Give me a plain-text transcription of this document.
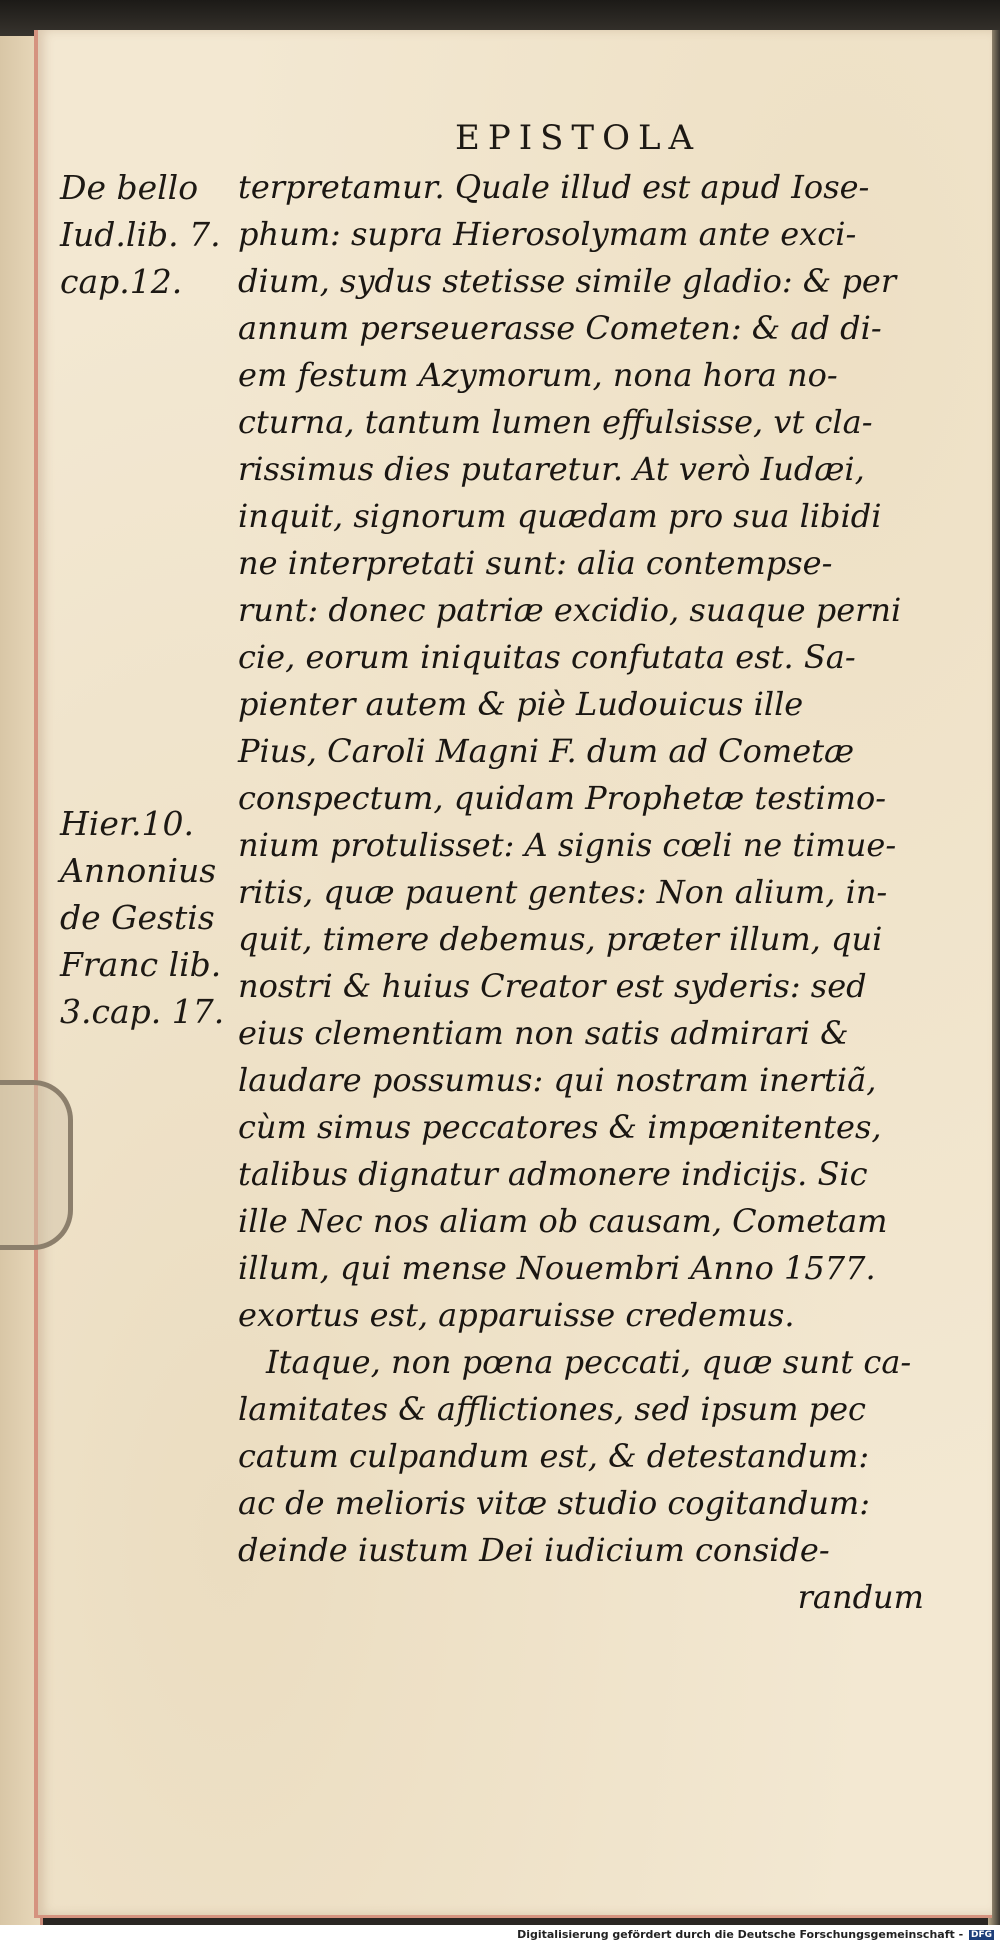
EPISTOLA
De bello
Iud.lib. 7.
cap.12.
Hier.10.
Annonius
de Gestis
Franc lib.
3.cap. 17.
terpretamur. Quale illud est apud Iose-
phum: supra Hierosolymam ante exci-
dium, sydus stetisse simile gladio: & per
annum perseuerasse Cometen: & ad di-
em festum Azymorum, nona hora no-
cturna, tantum lumen effulsisse, vt cla-
rissimus dies putaretur. At verò Iudæi,
inquit, signorum quædam pro sua libidi
ne interpretati sunt: alia contempse-
runt: donec patriæ excidio, suaque perni
cie, eorum iniquitas confutata est. Sa-
pienter autem & piè Ludouicus ille
Pius, Caroli Magni F. dum ad Cometæ
conspectum, quidam Prophetæ testimo-
nium protulisset: A signis cœli ne timue-
ritis, quæ pauent gentes: Non alium, in-
quit, timere debemus, præter illum, qui
nostri & huius Creator est syderis: sed
eius clementiam non satis admirari &
laudare possumus: qui nostram inertiã,
cùm simus peccatores & impœnitentes,
talibus dignatur admonere indicijs. Sic
ille Nec nos aliam ob causam, Cometam
illum, qui mense Nouembri Anno 1577.
exortus est, apparuisse credemus.
Itaque, non pœna peccati, quæ sunt ca-
lamitates & afflictiones, sed ipsum pec
catum culpandum est, & detestandum:
ac de melioris vitæ studio cogitandum:
deinde iustum Dei iudicium conside-
randum
Digitalisierung gefördert durch die Deutsche Forschungsgemeinschaft - DFG
